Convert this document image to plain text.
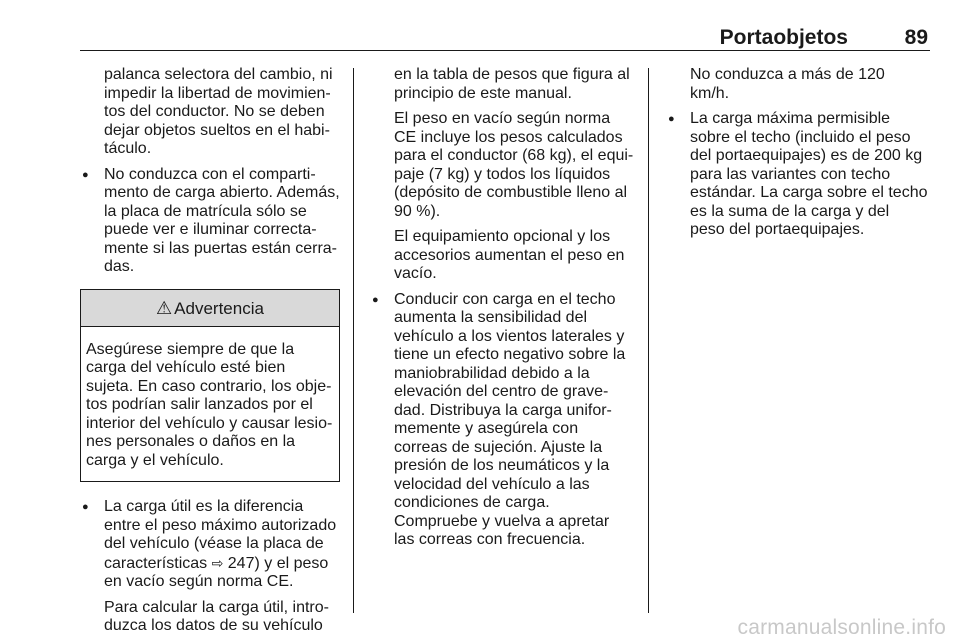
Portaobjetos	89

palanca selectora del cambio, ni impedir la libertad de movimien-tos del conductor. No se deben dejar objetos sueltos en el habi-táculo.

● No conduzca con el comparti-mento de carga abierto. Además, la placa de matrícula sólo se puede ver e iluminar correcta-mente si las puertas están cerra-das.
⚠ Advertencia

Asegúrese siempre de que la carga del vehículo esté bien sujeta. En caso contrario, los obje-tos podrían salir lanzados por el interior del vehículo y causar lesio-nes personales o daños en la carga y el vehículo.

● La carga útil es la diferencia entre el peso máximo autorizado del vehículo (véase la placa de características ⇨ 247) y el peso en vacío según norma CE.

Para calcular la carga útil, intro-duzca los datos de su vehículo

en la tabla de pesos que figura al principio de este manual.

El peso en vacío según norma CE incluye los pesos calculados para el conductor (68 kg), el equi-paje (7 kg) y todos los líquidos (depósito de combustible lleno al 90 %).

El equipamiento opcional y los accesorios aumentan el peso en vacío.

● Conducir con carga en el techo aumenta la sensibilidad del vehículo a los vientos laterales y tiene un efecto negativo sobre la maniobrabilidad debido a la elevación del centro de grave-dad. Distribuya la carga unifor-memente y asegúrela con correas de sujeción. Ajuste la presión de los neumáticos y la velocidad del vehículo a las condiciones de carga. Compruebe y vuelva a apretar las correas con frecuencia.

No conduzca a más de 120 km/h.

● La carga máxima permisible sobre el techo (incluido el peso del portaequipajes) es de 200 kg para las variantes con techo estándar. La carga sobre el techo es la suma de la carga y del peso del portaequipajes.
carmanualsonline.info
